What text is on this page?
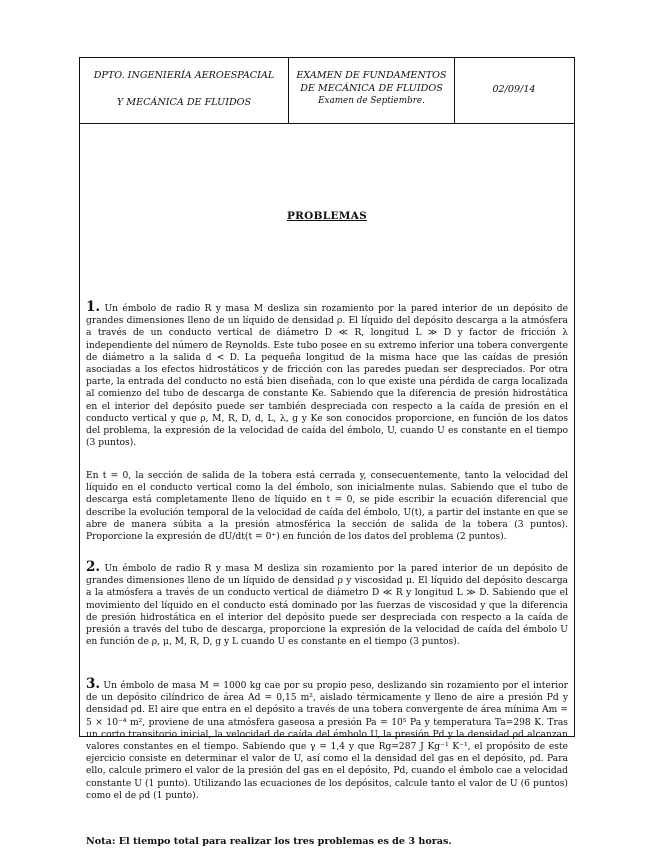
DPTO. INGENIERÍA AEROESPACIAL
Y MECÁNICA DE FLUIDOS
EXAMEN DE FUNDAMENTOS
DE MECÁNICA DE FLUIDOS
Examen de Septiembre.
02/09/14
PROBLEMAS

1. Un émbolo de radio R y masa M desliza sin rozamiento por la pared interior de un depósito de grandes dimensiones lleno de un líquido de densidad ρ. El líquido del depósito descarga a la atmósfera a través de un conducto vertical de diámetro D ≪ R, longitud L ≫ D y factor de fricción λ independiente del número de Reynolds. Este tubo posee en su extremo inferior una tobera convergente de diámetro a la salida d < D. La pequeña longitud de la misma hace que las caídas de presión asociadas a los efectos hidrostáticos y de fricción con las paredes puedan ser despreciados. Por otra parte, la entrada del conducto no está bien diseñada, con lo que existe una pérdida de carga localizada al comienzo del tubo de descarga de constante Ke. Sabiendo que la diferencia de presión hidrostática en el interior del depósito puede ser también despreciada con respecto a la caída de presión en el conducto vertical y que ρ, M, R, D, d, L, λ, g y Ke son conocidos proporcione, en función de los datos del problema, la expresión de la velocidad de caída del émbolo, U, cuando U es constante en el tiempo (3 puntos).

En t = 0, la sección de salida de la tobera está cerrada y, consecuentemente, tanto la velocidad del líquido en el conducto vertical como la del émbolo, son inicialmente nulas. Sabiendo que el tubo de descarga está completamente lleno de líquido en t = 0, se pide escribir la ecuación diferencial que describe la evolución temporal de la velocidad de caída del émbolo, U(t), a partir del instante en que se abre de manera súbita a la presión atmosférica la sección de salida de la tobera (3 puntos). Proporcione la expresión de dU/dt(t = 0⁺) en función de los datos del problema (2 puntos).

2. Un émbolo de radio R y masa M desliza sin rozamiento por la pared interior de un depósito de grandes dimensiones lleno de un líquido de densidad ρ y viscosidad μ. El líquido del depósito descarga a la atmósfera a través de un conducto vertical de diámetro D ≪ R y longitud L ≫ D. Sabiendo que el movimiento del líquido en el conducto está dominado por las fuerzas de viscosidad y que la diferencia de presión hidrostática en el interior del depósito puede ser despreciada con respecto a la caída de presión a través del tubo de descarga, proporcione la expresión de la velocidad de caída del émbolo U en función de ρ, μ, M, R, D, g y L cuando U es constante en el tiempo (3 puntos).

3. Un émbolo de masa M = 1000 kg cae por su propio peso, deslizando sin rozamiento por el interior de un depósito cilíndrico de área Ad = 0,15 m², aislado térmicamente y lleno de aire a presión Pd y densidad ρd. El aire que entra en el depósito a través de una tobera convergente de área mínima Am = 5 × 10⁻⁴ m², proviene de una atmósfera gaseosa a presión Pa = 10⁵ Pa y temperatura Ta=298 K. Tras un corto transitorio inicial, la velocidad de caída del émbolo U, la presión Pd y la densidad ρd alcanzan valores constantes en el tiempo. Sabiendo que γ = 1,4 y que Rg=287 J Kg⁻¹ K⁻¹, el propósito de este ejercicio consiste en determinar el valor de U, así como el la densidad del gas en el depósito, ρd. Para ello, calcule primero el valor de la presión del gas en el depósito, Pd, cuando el émbolo cae a velocidad constante U (1 punto). Utilizando las ecuaciones de los depósitos, calcule tanto el valor de U (6 puntos) como el de ρd (1 punto).

Nota: El tiempo total para realizar los tres problemas es de 3 horas.
